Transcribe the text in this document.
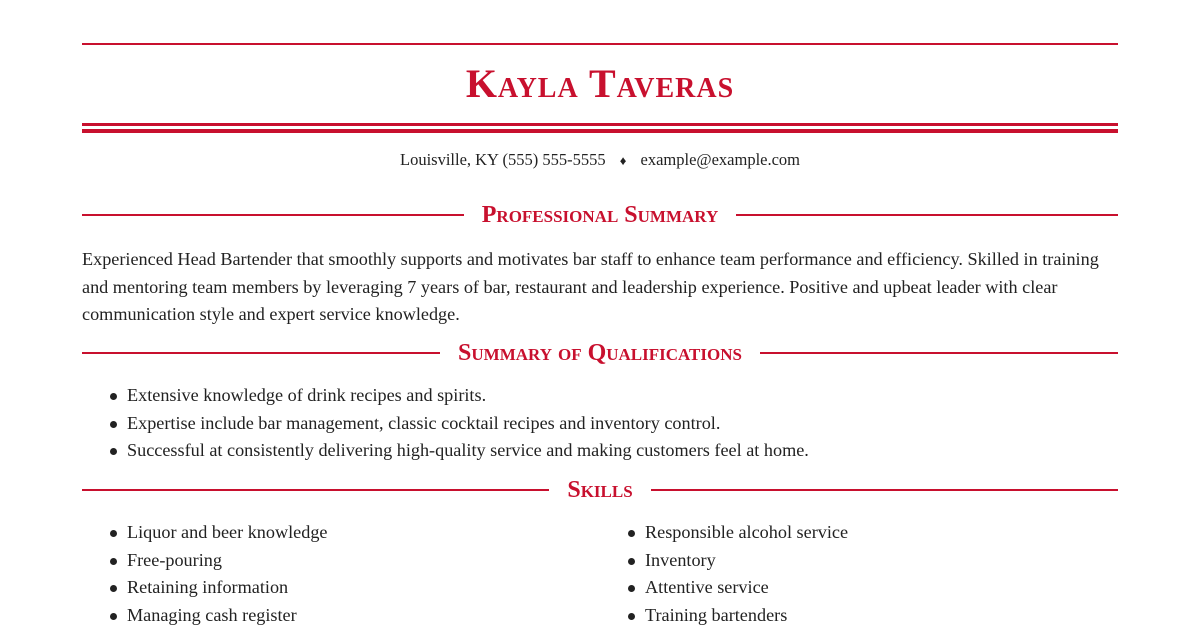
Kayla Taveras
Louisville, KY (555) 555-5555 ♦ example@example.com
Professional Summary

Experienced Head Bartender that smoothly supports and motivates bar staff to enhance team performance and efficiency. Skilled in training and mentoring team members by leveraging 7 years of bar, restaurant and leadership experience. Positive and upbeat leader with clear communication style and expert service knowledge.

Summary of Qualifications
Extensive knowledge of drink recipes and spirits.
Expertise include bar management, classic cocktail recipes and inventory control.
Successful at consistently delivering high-quality service and making customers feel at home.
Skills
Liquor and beer knowledge
Free-pouring
Retaining information
Managing cash register
Responsible alcohol service
Inventory
Attentive service
Training bartenders
